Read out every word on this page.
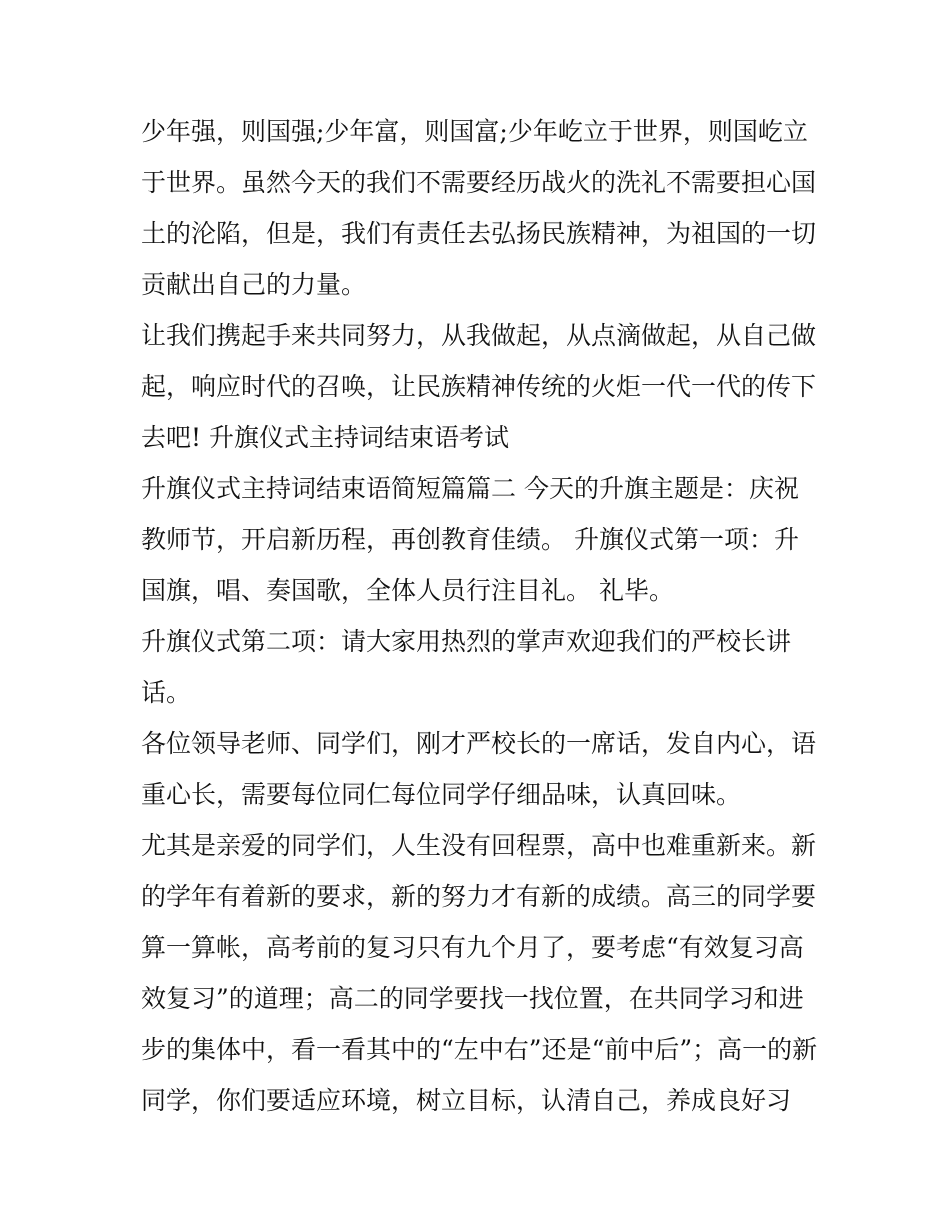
少年强，则国强;少年富，则国富;少年屹立于世界，则国屹立
于世界。虽然今天的我们不需要经历战火的洗礼不需要担心国
土的沦陷，但是，我们有责任去弘扬民族精神，为祖国的一切
贡献出自己的力量。

让我们携起手来共同努力，从我做起，从点滴做起，从自己做
起，响应时代的召唤，让民族精神传统的火炬一代一代的传下
去吧! 升旗仪式主持词结束语考试

升旗仪式主持词结束语简短篇篇二 今天的升旗主题是：庆祝
教师节，开启新历程，再创教育佳绩。 升旗仪式第一项：升
国旗，唱、奏国歌，全体人员行注目礼。 礼毕。

升旗仪式第二项：请大家用热烈的掌声欢迎我们的严校长讲
话。

各位领导老师、同学们，刚才严校长的一席话，发自内心，语
重心长，需要每位同仁每位同学仔细品味，认真回味。

尤其是亲爱的同学们，人生没有回程票，高中也难重新来。新
的学年有着新的要求，新的努力才有新的成绩。高三的同学要
算一算帐，高考前的复习只有九个月了，要考虑“有效复习高
效复习”的道理；高二的同学要找一找位置，在共同学习和进
步的集体中，看一看其中的“左中右”还是“前中后”；高一的新
同学，你们要适应环境，树立目标，认清自己，养成良好习
